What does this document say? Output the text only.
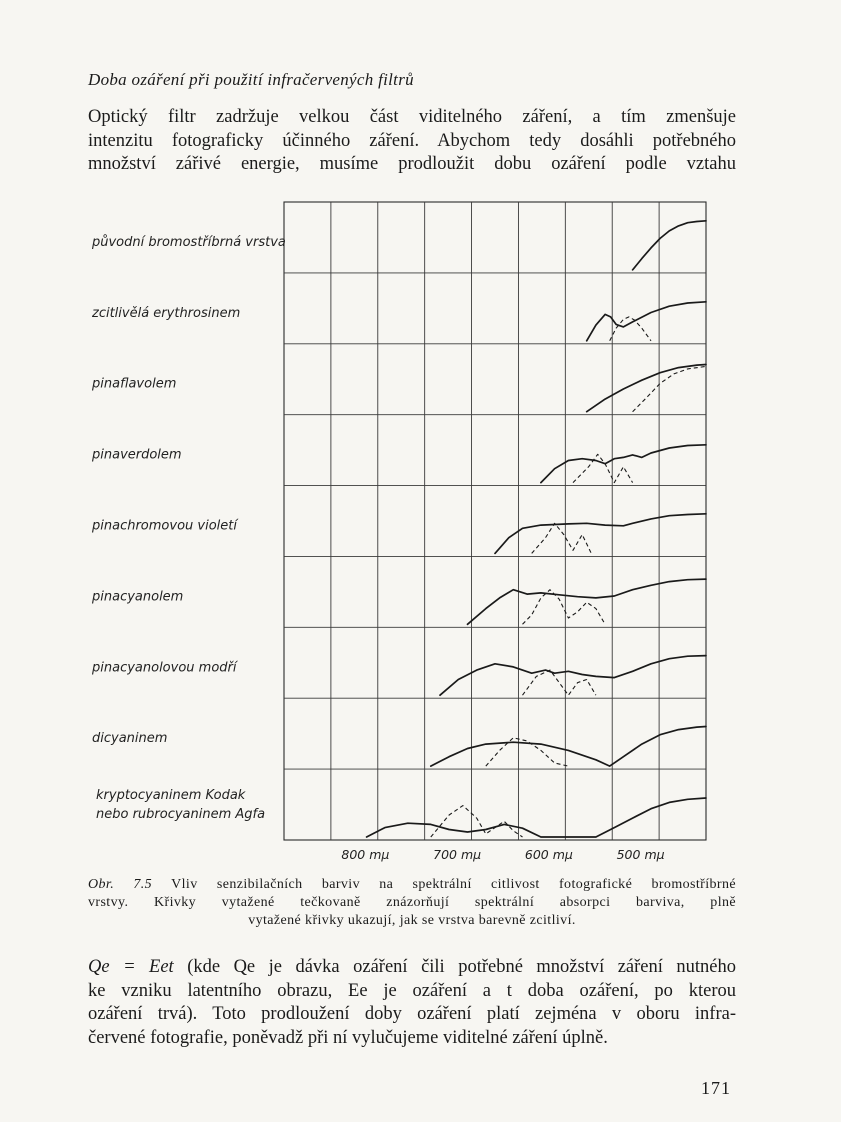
Doba ozáření při použití infračervených filtrů
Optický filtr zadržuje velkou část viditelného záření, a tím zmenšuje
intenzitu fotograficky účinného záření. Abychom tedy dosáhli potřebného
množství zářivé energie, musíme prodloužit dobu ozáření podle vztahu
původní bromostříbrná vrstva
zcitlivělá erythrosinem
pinaflavolem
pinaverdolem
pinachromovou violetí
pinacyanolem
pinacyanolovou modří
dicyaninem
kryptocyaninem Kodak
nebo rubrocyaninem Agfa
800 mμ	700 mμ	600 mμ	500 mμ
Obr. 7.5 Vliv senzibilačních barviv na spektrální citlivost fotografické bromostříbrné
vrstvy. Křivky vytažené tečkovaně znázorňují spektrální absorpci barviva, plně
vytažené křivky ukazují, jak se vrstva barevně zcitliví.
Qe = Eet (kde Qe je dávka ozáření čili potřebné množství záření nutného
ke vzniku latentního obrazu, Ee je ozáření a t doba ozáření, po kterou
ozáření trvá). Toto prodloužení doby ozáření platí zejména v oboru infra-
červené fotografie, poněvadž při ní vylučujeme viditelné záření úplně.
171
